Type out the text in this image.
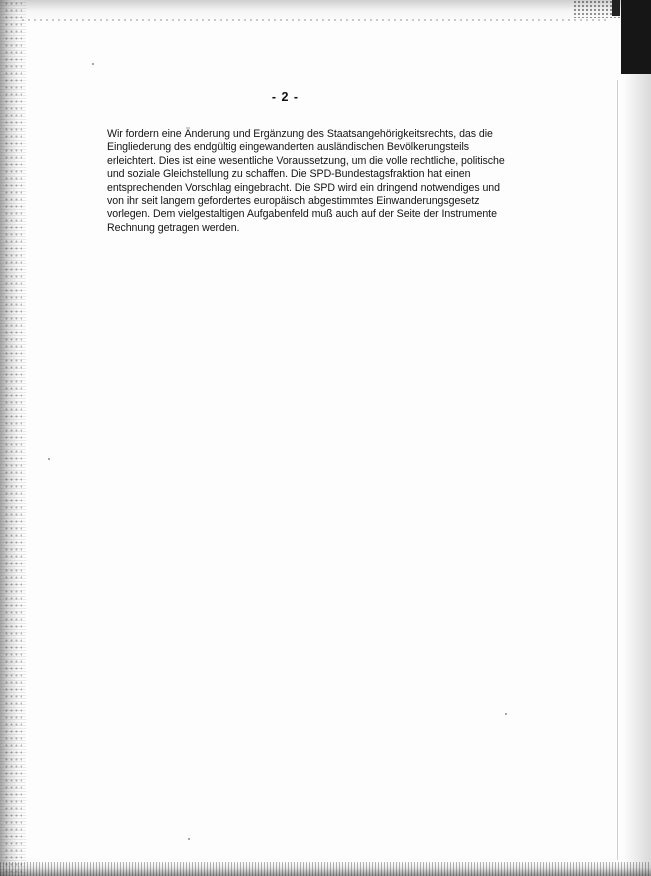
- 2 -
Wir fordern eine Änderung und Ergänzung des Staatsangehörigkeitsrechts, das die
Eingliederung des endgültig eingewanderten ausländischen Bevölkerungsteils
erleichtert. Dies ist eine wesentliche Voraussetzung, um die volle rechtliche, politische
und soziale Gleichstellung zu schaffen. Die SPD-Bundestagsfraktion hat einen
entsprechenden Vorschlag eingebracht. Die SPD wird ein dringend notwendiges und
von ihr seit langem gefordertes europäisch abgestimmtes Einwanderungsgesetz
vorlegen. Dem vielgestaltigen Aufgabenfeld muß auch auf der Seite der Instrumente
Rechnung getragen werden.
